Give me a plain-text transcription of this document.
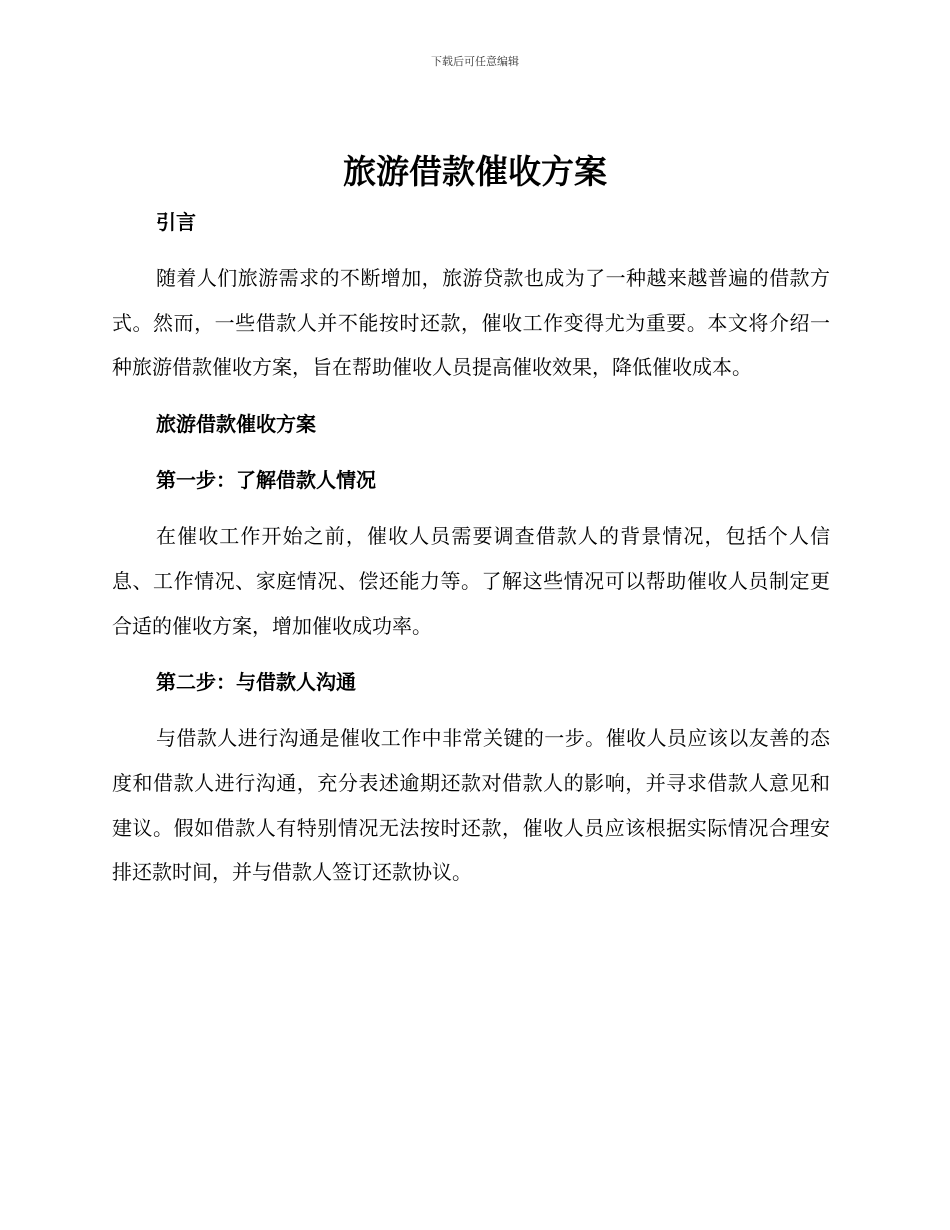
下载后可任意编辑
旅游借款催收方案
引言

随着人们旅游需求的不断增加，旅游贷款也成为了一种越来越普遍的借款方式。然而，一些借款人并不能按时还款，催收工作变得尤为重要。本文将介绍一种旅游借款催收方案，旨在帮助催收人员提高催收效果，降低催收成本。

旅游借款催收方案
第一步：了解借款人情况

在催收工作开始之前，催收人员需要调查借款人的背景情况，包括个人信息、工作情况、家庭情况、偿还能力等。了解这些情况可以帮助催收人员制定更合适的催收方案，增加催收成功率。

第二步：与借款人沟通

与借款人进行沟通是催收工作中非常关键的一步。催收人员应该以友善的态度和借款人进行沟通，充分表述逾期还款对借款人的影响，并寻求借款人意见和建议。假如借款人有特别情况无法按时还款，催收人员应该根据实际情况合理安排还款时间，并与借款人签订还款协议。
